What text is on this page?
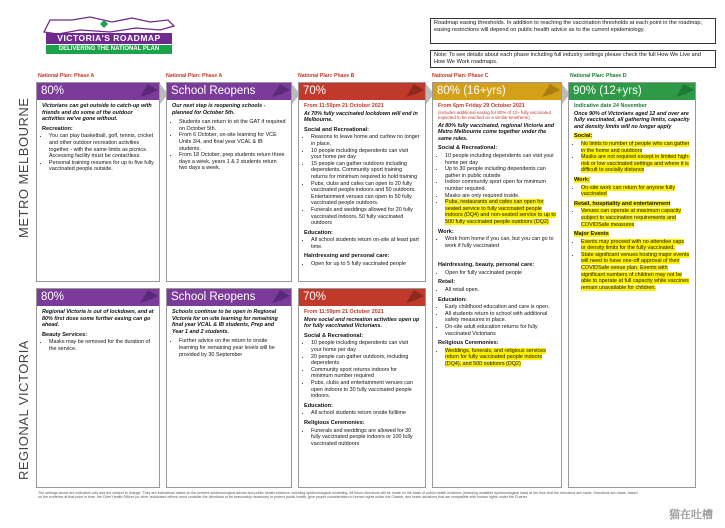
VICTORIA'S ROADMAP
DELIVERING THE NATIONAL PLAN
Roadmap easing thresholds. In addition to reaching the vaccination thresholds at each point in the roadmap, easing restrictions will depend on public health advice as to the current epidemiology.
Note: To see details about each phase including full industry settings please check the full How We Live and How We Work roadmaps.
METRO MELBOURNE
REGIONAL VICTORIA
National Plan: Phase A	National Plan: Phase A	National Plan: Phase B	National Plan: Phase C	National Plan: Phase D
80%

Victorians can get outside to catch-up with friends and do some of the outdoor activities we've gone without.

Recreation:
• You can play basketball, golf, tennis, cricket and other outdoor recreation activities together - with the same limits as picnics. Accessing facility must be contactless.
• Personal training resumes for up to five fully vaccinated people outside.
School Reopens

Our next step is reopening schools - planned for October 5th.

• Students can return to sit the GAT if required on October 5th.
• From 6 October, on-site learning for VCE Units 3/4, and final year VCAL & IB students.
• From 18 October, prep students return three days a week, years 1 & 2 students return two days a week.
70%

From 11:59pm 21 October 2021

At 70% fully vaccinated lockdown will end in Melbourne.

Social and Recreational:
• Reasons to leave home and curfew no longer in place.
• 10 people including dependents can visit your home per day
• 15 people can gather outdoors including dependents. Community sport training returns for minimum required to hold training
• Pubs, clubs and cafes can open to 20 fully vaccinated people indoors and 50 outdoors. Entertainment venues can open to 50 fully vaccinated people outdoors.
• Funerals and weddings allowed for 20 fully vaccinated indoors, 50 fully vaccinated outdoors
Education:
• All school students return on-site at least part time.
Hairdressing and personal care:
• Open for up to 5 fully vaccinated people
80% (16+yrs)

From 6pm Friday 29 October 2021

(includes additional easing for 80% of 12+ fully vaccinated expected to be reached on a similar timeframe)

At 80% fully vaccinated, regional Victoria and Metro Melbourne come together under the same rules.

Social & Recreational:
• 10 people including dependents can visit your home per day
• Up to 30 people including dependents can gather in public outside
• Indoor community sport open for minimum number required.
• Masks are only required inside.
• Pubs, restaurants and cafes can open for seated service to fully vaccinated people indoors (DQ4) and non-seated service to up to 500 fully vaccinated people outdoors (DQ2)
Work:
• Work from home if you can, but you can go to work if fully vaccinated
Hairdressing, beauty, personal care:
• Open for fully vaccinated people
Retail:
• All retail open.
Education:
• Early childhood education and care is open.
• All students return to school with additional safety measures in place.
• On-site adult education returns for fully vaccinated Victorians
Religious Ceremonies:
• Weddings, funerals, and religious services return for fully vaccinated people indoors (DQ4), and 500 outdoors (DQ2)
90% (12+yrs)

Indicative date 24 November

Once 90% of Victorians aged 12 and over are fully vaccinated, all gathering limits, capacity and density limits will no longer apply

Social:
• No limits to number of people who can gather in the home and outdoors
• Masks are not required except in limited high-risk or low vaccinated settings and where it is difficult to socially distance
Work:
• On-site work can return for anyone fully vaccinated
Retail, hospitality and entertainment
• Venues can operate at maximum capacity subject to vaccination requirements and COVIDSafe measures
Major Events
• Events may proceed with no attendee caps or density limits for the fully vaccinated.
• State significant venues hosting major events will need to have one-off approval of their COVIDSafe venue plan. Events with significant numbers of children may not be able to operate at full capacity while vaccines remain unavailable for children.
80%

Regional Victoria is out of lockdown, and at 80% first dose some further easing can go ahead.

Beauty Services:
• Masks may be removed for the duration of the service.
School Reopens

Schools continue to be open in Regional Victoria for on-site learning for remaining final year VCAL & IB students, Prep and Year 1 and 2 students.

• Further advice on the return to onsite learning for remaining year levels will be provided by 30 September
70%

From 11:59pm 21 October 2021

More social and recreation activities open up for fully vaccinated Victorians.

Social & Recreational:
• 10 people including dependents can visit your home per day
• 20 people can gather outdoors, including dependents
• Community sport returns indoors for minimum number required
• Pubs, clubs and entertainment venues can open indoors to 30 fully vaccinated people indoors.
Education:
• All school students return onsite fulltime
Religious Ceremonies:
• Funerals and weddings are allowed for 30 fully vaccinated people indoors or 100 fully vaccinated outdoors
The settings above are indicative only and are subject to change. They are indications based on the present epidemiological advice and public health evidence including epidemiological modelling. All future directions will be made on the basis of public health evidence (including available epidemiological data) at the time that the directions are made. Directions are made, based on the evidence at that point in time, the Chief Health Officer (or other authorised officer) must consider the directions to be reasonably necessary to protect public health, give proper consideration to human rights under the Charter, and make decisions that are compatible with human rights under the Charter.
猫在吐槽
